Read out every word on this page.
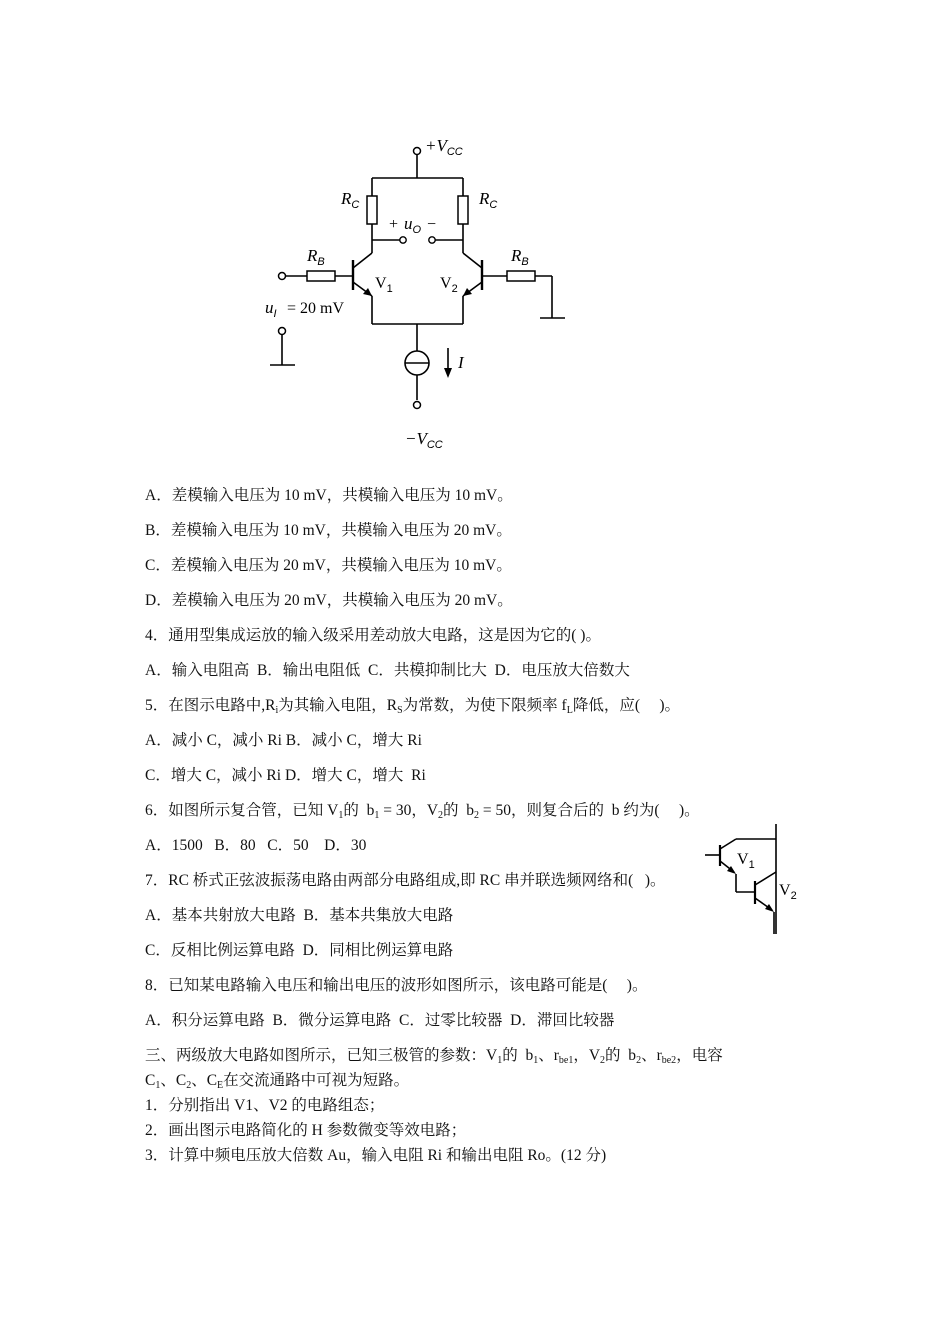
$+V_{CC}$
$R_C$	$R_C$
+ $u_O$ −
$R_B$	$R_B$
$V_1$	$V_2$
$u_I = 20$ mV
I
$-V_{CC}$
$V_1$
$V_2$

A．差模输入电压为 10 mV，共模输入电压为 10 mV。

B．差模输入电压为 10 mV，共模输入电压为 20 mV。

C．差模输入电压为 20 mV，共模输入电压为 10 mV。

D．差模输入电压为 20 mV，共模输入电压为 20 mV。

4．通用型集成运放的输入级采用差动放大电路，这是因为它的( )。

A．输入电阻高  B．输出电阻低  C．共模抑制比大  D．电压放大倍数大

5．在图示电路中$,R_i$为其输入电阻，$R_S$为常数，为使下限频率 $f_L$降低，应(     )。

A．减小 C，减小 Ri B．减小 C，增大 Ri

C．增大 C，减小 Ri D．增大 C，增大  Ri

6．如图所示复合管，已知 $V_1$的  $b_1 = 30$，$V_2$的  $b_2 = 50$，则复合后的  b 约为(     )。

A．1500   B．80   C．50    D．30

7．RC 桥式正弦波振荡电路由两部分电路组成,即 RC 串并联选频网络和(   )。

A．基本共射放大电路  B．基本共集放大电路

C．反相比例运算电路  D．同相比例运算电路

8．已知某电路输入电压和输出电压的波形如图所示，该电路可能是(     )。

A．积分运算电路  B．微分运算电路  C．过零比较器  D．滞回比较器

三、两级放大电路如图所示，已知三极管的参数：$V_1$的  $b_1$、$r_{be1}$，$V_2$的  $b_2$、$r_{be2}$，电容

$C_1$、$C_2$、$C_E$在交流通路中可视为短路。

1．分别指出 V1、V2 的电路组态；

2．画出图示电路简化的 H 参数微变等效电路；

3．计算中频电压放大倍数 Au，输入电阻 Ri 和输出电阻 Ro。(12 分)
